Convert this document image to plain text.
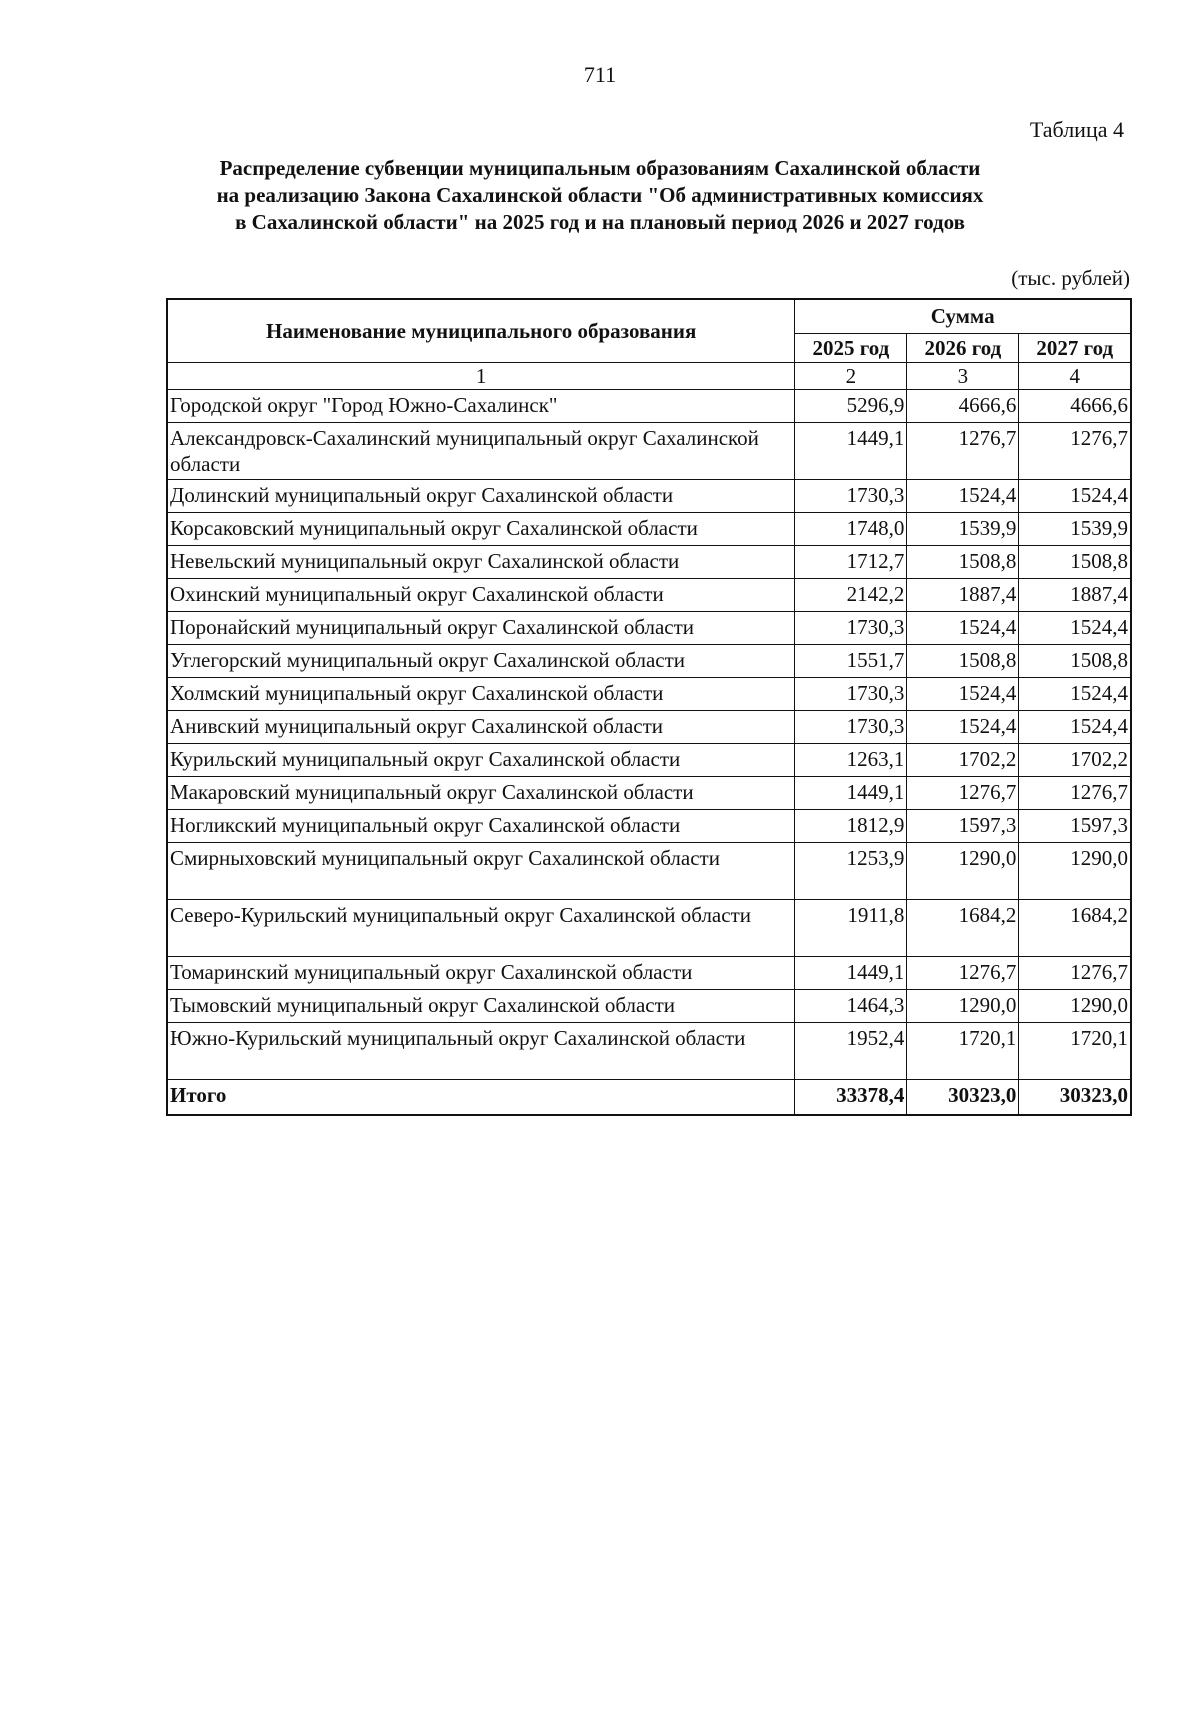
711
Таблица 4
Распределение субвенции муниципальным образованиям Сахалинской области
на реализацию Закона Сахалинской области "Об административных комиссиях
в Сахалинской области" на 2025 год и на плановый период 2026 и 2027 годов
(тыс. рублей)
Наименование муниципального образования	Сумма		
	2025 год	2026 год	2027 год
1	2	3	4
Городской округ "Город Южно-Сахалинск"	5296,9	4666,6	4666,6
Александровск-Сахалинский муниципальный округ Сахалинской области	1449,1	1276,7	1276,7
Долинский муниципальный округ Сахалинской области	1730,3	1524,4	1524,4
Корсаковский муниципальный округ Сахалинской области	1748,0	1539,9	1539,9
Невельский муниципальный округ Сахалинской области	1712,7	1508,8	1508,8
Охинский муниципальный округ Сахалинской области	2142,2	1887,4	1887,4
Поронайский муниципальный округ Сахалинской области	1730,3	1524,4	1524,4
Углегорский муниципальный округ Сахалинской области	1551,7	1508,8	1508,8
Холмский муниципальный округ Сахалинской области	1730,3	1524,4	1524,4
Анивский муниципальный округ Сахалинской области	1730,3	1524,4	1524,4
Курильский муниципальный округ Сахалинской области	1263,1	1702,2	1702,2
Макаровский муниципальный округ Сахалинской области	1449,1	1276,7	1276,7
Ногликский муниципальный округ Сахалинской области	1812,9	1597,3	1597,3
Смирныховский муниципальный округ Сахалинской области	1253,9	1290,0	1290,0
Северо-Курильский муниципальный округ Сахалинской области	1911,8	1684,2	1684,2
Томаринский муниципальный округ Сахалинской области	1449,1	1276,7	1276,7
Тымовский муниципальный округ Сахалинской области	1464,3	1290,0	1290,0
Южно-Курильский муниципальный округ Сахалинской области	1952,4	1720,1	1720,1
Итого	33378,4	30323,0	30323,0
